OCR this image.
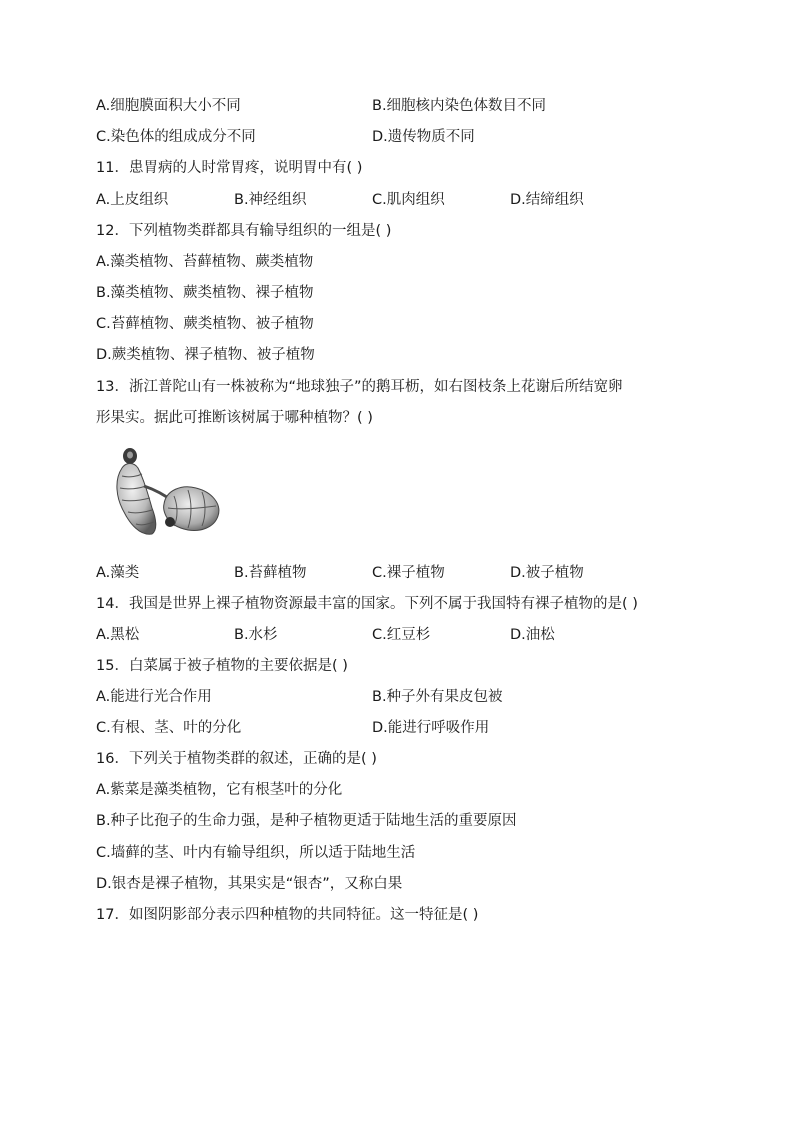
A.细胞膜面积大小不同	B.细胞核内染色体数目不同
C.染色体的组成成分不同	D.遗传物质不同
11．患胃病的人时常胃疼，说明胃中有( )
A.上皮组织	B.神经组织	C.肌肉组织	D.结缔组织
12．下列植物类群都具有输导组织的一组是( )
A.藻类植物、苔藓植物、蕨类植物
B.藻类植物、蕨类植物、裸子植物
C.苔藓植物、蕨类植物、被子植物
D.蕨类植物、裸子植物、被子植物
13．浙江普陀山有一株被称为“地球独子”的鹅耳枥，如右图枝条上花谢后所结宽卵
形果实。据此可推断该树属于哪种植物？( )
A.藻类	B.苔藓植物	C.裸子植物	D.被子植物
14．我国是世界上裸子植物资源最丰富的国家。下列不属于我国特有裸子植物的是( )
A.黑松	B.水杉	C.红豆杉	D.油松
15．白菜属于被子植物的主要依据是( )
A.能进行光合作用	B.种子外有果皮包被
C.有根、茎、叶的分化	D.能进行呼吸作用
16．下列关于植物类群的叙述，正确的是( )
A.紫菜是藻类植物，它有根茎叶的分化
B.种子比孢子的生命力强，是种子植物更适于陆地生活的重要原因
C.墙藓的茎、叶内有输导组织，所以适于陆地生活
D.银杏是裸子植物，其果实是“银杏”，又称白果
17．如图阴影部分表示四种植物的共同特征。这一特征是( )
